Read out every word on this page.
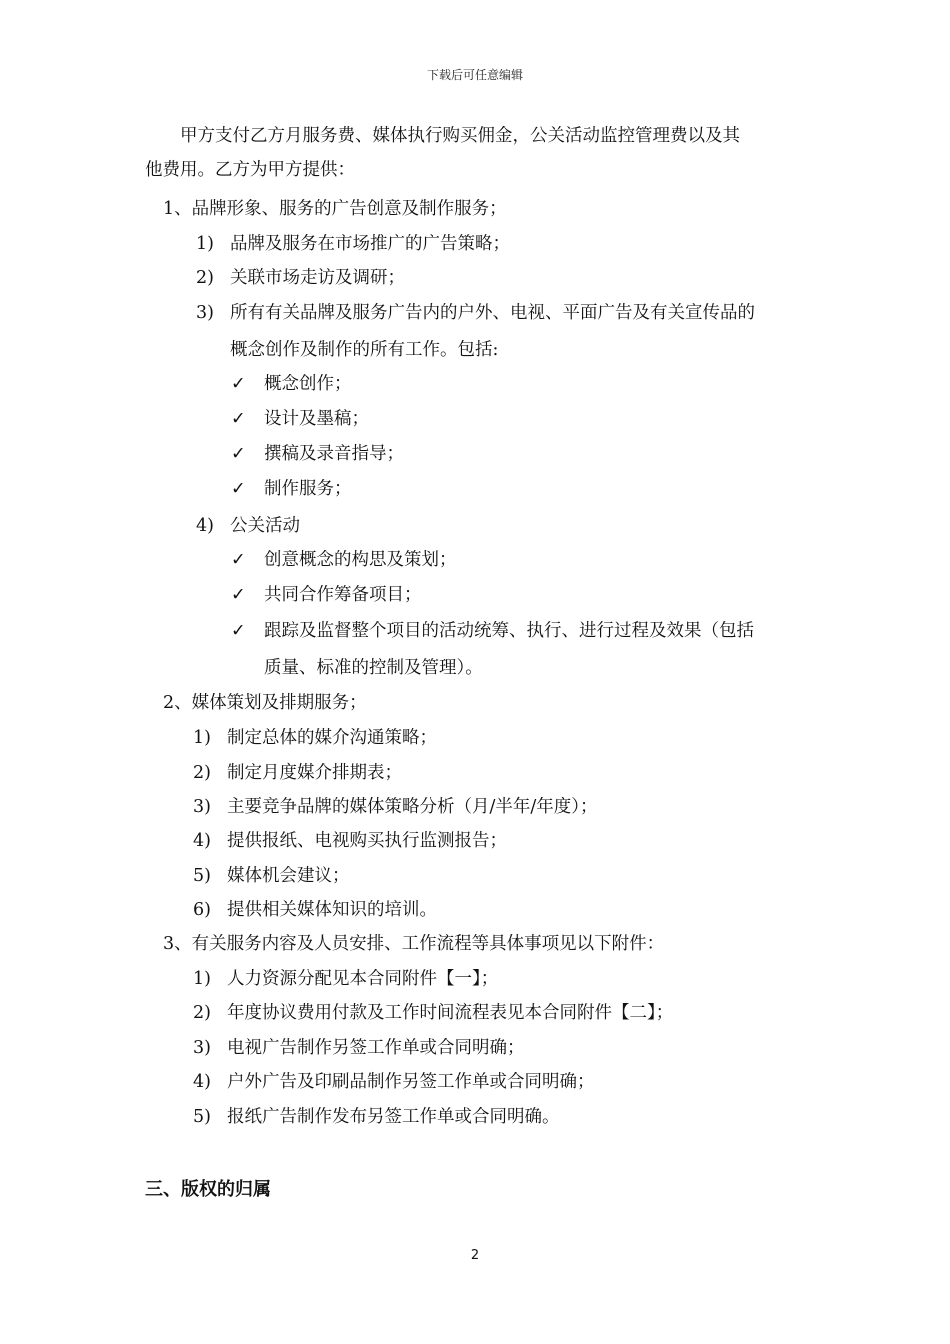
下载后可任意编辑
甲方支付乙方月服务费、媒体执行购买佣金，公关活动监控管理费以及其
他费用。乙方为甲方提供：
1、品牌形象、服务的广告创意及制作服务；
1) 品牌及服务在市场推广的广告策略；
2) 关联市场走访及调研；
3) 所有有关品牌及服务广告内的户外、电视、平面广告及有关宣传品的
概念创作及制作的所有工作。包括:
✓ 概念创作；
✓ 设计及墨稿；
✓ 撰稿及录音指导；
✓ 制作服务；
4) 公关活动
✓ 创意概念的构思及策划；
✓ 共同合作筹备项目；
✓ 跟踪及监督整个项目的活动统筹、执行、进行过程及效果（包括
质量、标准的控制及管理）。
2、媒体策划及排期服务；
1) 制定总体的媒介沟通策略；
2) 制定月度媒介排期表；
3) 主要竞争品牌的媒体策略分析（月/半年/年度）；
4) 提供报纸、电视购买执行监测报告；
5) 媒体机会建议；
6) 提供相关媒体知识的培训。
3、有关服务内容及人员安排、工作流程等具体事项见以下附件：
1) 人力资源分配见本合同附件【一】；
2) 年度协议费用付款及工作时间流程表见本合同附件【二】；
3) 电视广告制作另签工作单或合同明确；
4) 户外广告及印刷品制作另签工作单或合同明确；
5) 报纸广告制作发布另签工作单或合同明确。
三、版权的归属
2
